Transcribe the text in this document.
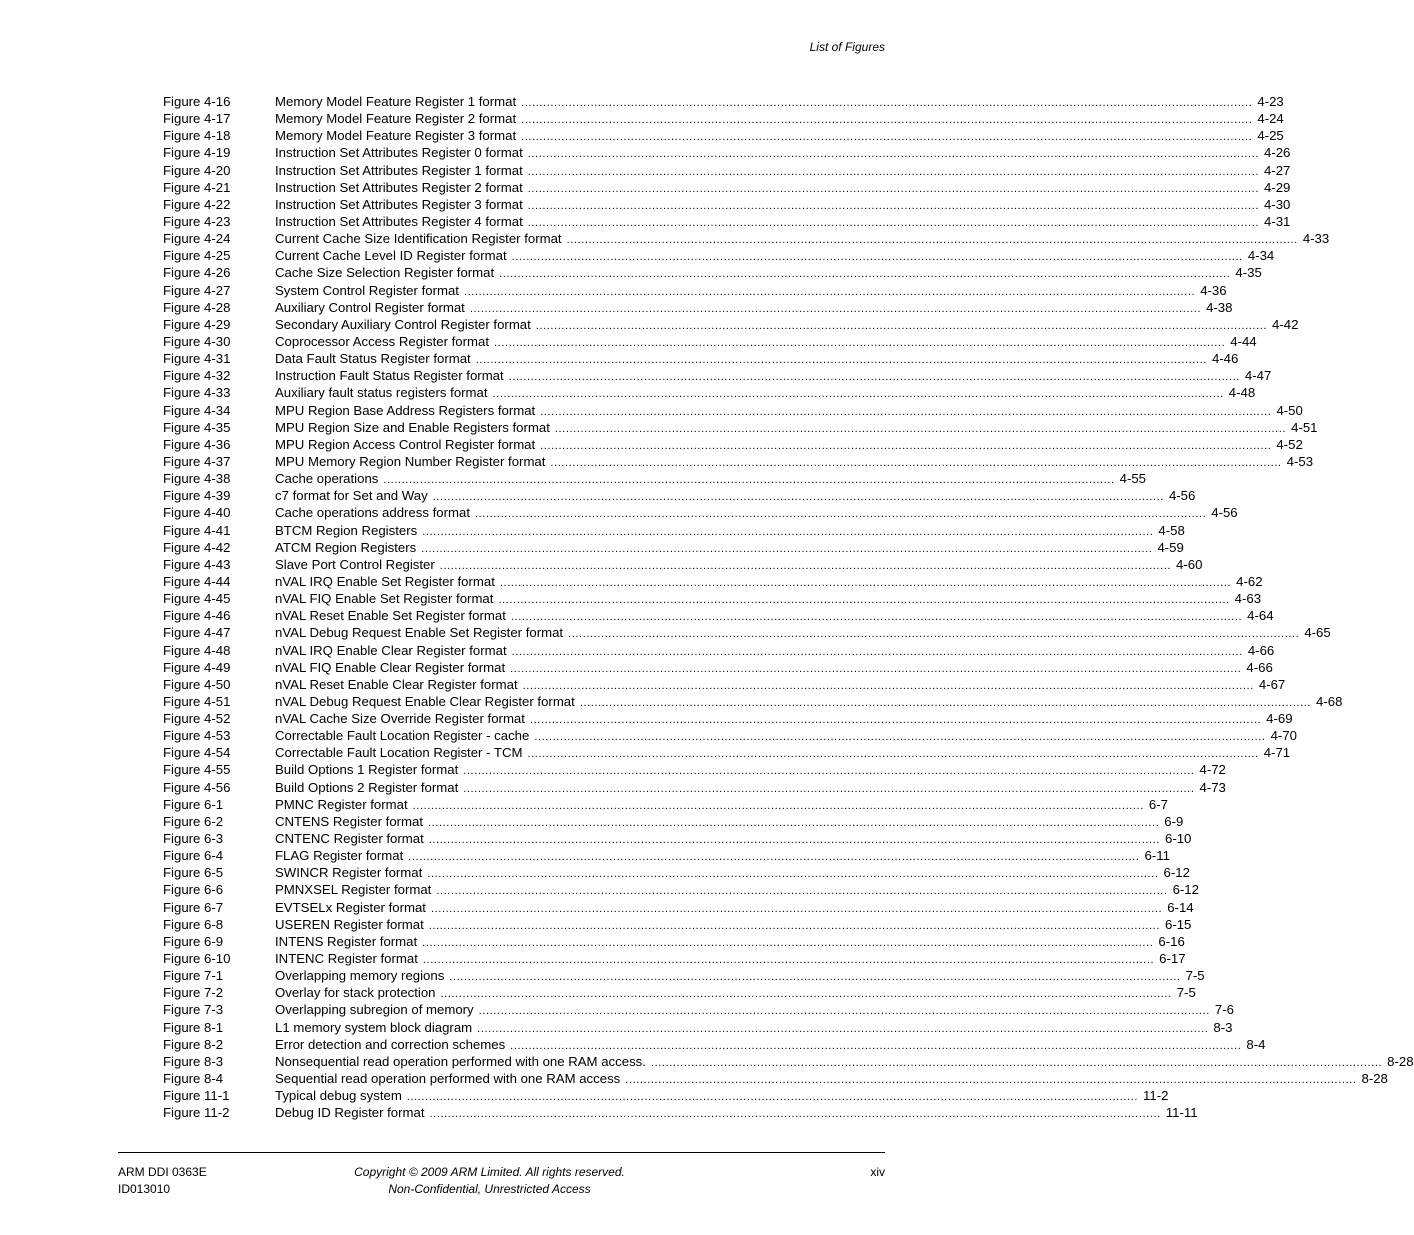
List of Figures
Figure 4-16	Memory Model Feature Register 1 format ........................................................................................................................................................................................................ 4-23
Figure 4-17	Memory Model Feature Register 2 format ........................................................................................................................................................................................................ 4-24
Figure 4-18	Memory Model Feature Register 3 format ........................................................................................................................................................................................................ 4-25
Figure 4-19	Instruction Set Attributes Register 0 format ........................................................................................................................................................................................................ 4-26
Figure 4-20	Instruction Set Attributes Register 1 format ........................................................................................................................................................................................................ 4-27
Figure 4-21	Instruction Set Attributes Register 2 format ........................................................................................................................................................................................................ 4-29
Figure 4-22	Instruction Set Attributes Register 3 format ........................................................................................................................................................................................................ 4-30
Figure 4-23	Instruction Set Attributes Register 4 format ........................................................................................................................................................................................................ 4-31
Figure 4-24	Current Cache Size Identification Register format ........................................................................................................................................................................................................ 4-33
Figure 4-25	Current Cache Level ID Register format ........................................................................................................................................................................................................ 4-34
Figure 4-26	Cache Size Selection Register format ........................................................................................................................................................................................................ 4-35
Figure 4-27	System Control Register format ........................................................................................................................................................................................................ 4-36
Figure 4-28	Auxiliary Control Register format ........................................................................................................................................................................................................ 4-38
Figure 4-29	Secondary Auxiliary Control Register format ........................................................................................................................................................................................................ 4-42
Figure 4-30	Coprocessor Access Register format ........................................................................................................................................................................................................ 4-44
Figure 4-31	Data Fault Status Register format ........................................................................................................................................................................................................ 4-46
Figure 4-32	Instruction Fault Status Register format ........................................................................................................................................................................................................ 4-47
Figure 4-33	Auxiliary fault status registers format ........................................................................................................................................................................................................ 4-48
Figure 4-34	MPU Region Base Address Registers format ........................................................................................................................................................................................................ 4-50
Figure 4-35	MPU Region Size and Enable Registers format ........................................................................................................................................................................................................ 4-51
Figure 4-36	MPU Region Access Control Register format ........................................................................................................................................................................................................ 4-52
Figure 4-37	MPU Memory Region Number Register format ........................................................................................................................................................................................................ 4-53
Figure 4-38	Cache operations ........................................................................................................................................................................................................ 4-55
Figure 4-39	c7 format for Set and Way ........................................................................................................................................................................................................ 4-56
Figure 4-40	Cache operations address format ........................................................................................................................................................................................................ 4-56
Figure 4-41	BTCM Region Registers ........................................................................................................................................................................................................ 4-58
Figure 4-42	ATCM Region Registers ........................................................................................................................................................................................................ 4-59
Figure 4-43	Slave Port Control Register ........................................................................................................................................................................................................ 4-60
Figure 4-44	nVAL IRQ Enable Set Register format ........................................................................................................................................................................................................ 4-62
Figure 4-45	nVAL FIQ Enable Set Register format ........................................................................................................................................................................................................ 4-63
Figure 4-46	nVAL Reset Enable Set Register format ........................................................................................................................................................................................................ 4-64
Figure 4-47	nVAL Debug Request Enable Set Register format ........................................................................................................................................................................................................ 4-65
Figure 4-48	nVAL IRQ Enable Clear Register format ........................................................................................................................................................................................................ 4-66
Figure 4-49	nVAL FIQ Enable Clear Register format ........................................................................................................................................................................................................ 4-66
Figure 4-50	nVAL Reset Enable Clear Register format ........................................................................................................................................................................................................ 4-67
Figure 4-51	nVAL Debug Request Enable Clear Register format ........................................................................................................................................................................................................ 4-68
Figure 4-52	nVAL Cache Size Override Register format ........................................................................................................................................................................................................ 4-69
Figure 4-53	Correctable Fault Location Register - cache ........................................................................................................................................................................................................ 4-70
Figure 4-54	Correctable Fault Location Register - TCM ........................................................................................................................................................................................................ 4-71
Figure 4-55	Build Options 1 Register format ........................................................................................................................................................................................................ 4-72
Figure 4-56	Build Options 2 Register format ........................................................................................................................................................................................................ 4-73
Figure 6-1	PMNC Register format ........................................................................................................................................................................................................ 6-7
Figure 6-2	CNTENS Register format ........................................................................................................................................................................................................ 6-9
Figure 6-3	CNTENC Register format ........................................................................................................................................................................................................ 6-10
Figure 6-4	FLAG Register format ........................................................................................................................................................................................................ 6-11
Figure 6-5	SWINCR Register format ........................................................................................................................................................................................................ 6-12
Figure 6-6	PMNXSEL Register format ........................................................................................................................................................................................................ 6-12
Figure 6-7	EVTSELx Register format ........................................................................................................................................................................................................ 6-14
Figure 6-8	USEREN Register format ........................................................................................................................................................................................................ 6-15
Figure 6-9	INTENS Register format ........................................................................................................................................................................................................ 6-16
Figure 6-10	INTENC Register format ........................................................................................................................................................................................................ 6-17
Figure 7-1	Overlapping memory regions ........................................................................................................................................................................................................ 7-5
Figure 7-2	Overlay for stack protection ........................................................................................................................................................................................................ 7-5
Figure 7-3	Overlapping subregion of memory ........................................................................................................................................................................................................ 7-6
Figure 8-1	L1 memory system block diagram ........................................................................................................................................................................................................ 8-3
Figure 8-2	Error detection and correction schemes ........................................................................................................................................................................................................ 8-4
Figure 8-3	Nonsequential read operation performed with one RAM access. ........................................................................................................................................................................................................ 8-28
Figure 8-4	Sequential read operation performed with one RAM access ........................................................................................................................................................................................................ 8-28
Figure 11-1	Typical debug system ........................................................................................................................................................................................................ 11-2
Figure 11-2	Debug ID Register format ........................................................................................................................................................................................................ 11-11
ARM DDI 0363E
ID013010
Copyright © 2009 ARM Limited. All rights reserved.
Non-Confidential, Unrestricted Access
xiv
